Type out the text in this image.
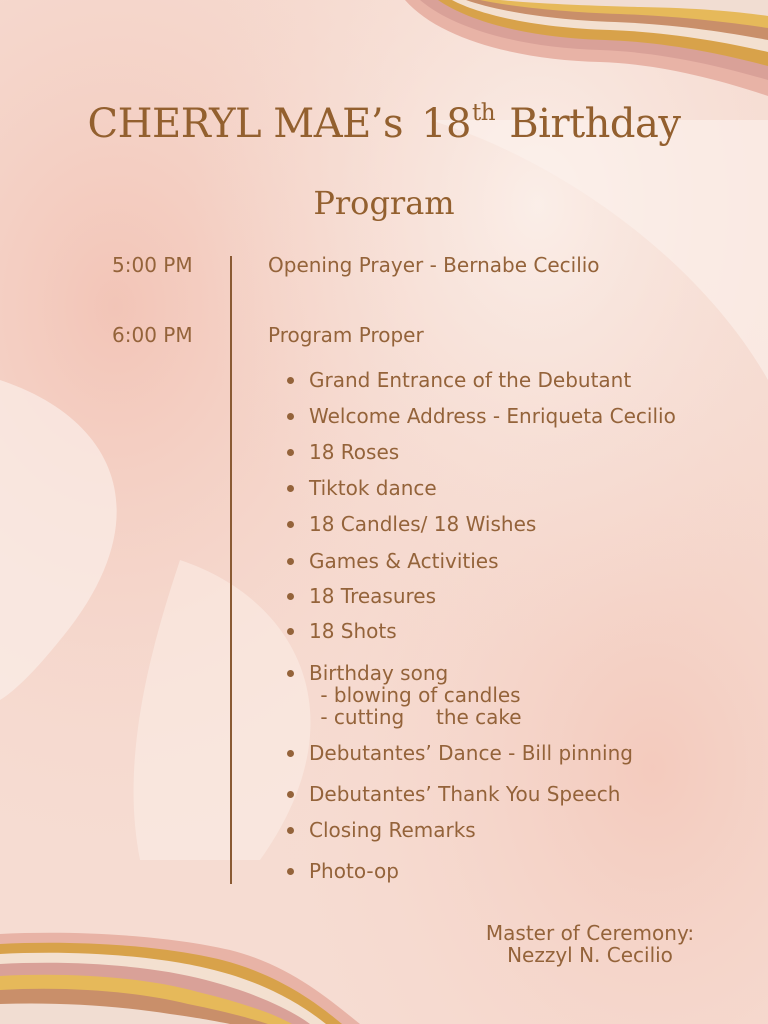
CHERYL MAE’s 18th Birthday
Program
5:00 PM	Opening Prayer - Bernabe Cecilio
6:00 PM	Program Proper
Grand Entrance of the Debutant
Welcome Address - Enriqueta Cecilio
18 Roses
Tiktok dance
18 Candles/ 18 Wishes
Games & Activities
18 Treasures
18 Shots
Birthday song
- blowing of candles
- cutting     the cake
Debutantes’ Dance - Bill pinning
Debutantes’ Thank You Speech
Closing Remarks
Photo-op
Master of Ceremony:
Nezzyl N. Cecilio
